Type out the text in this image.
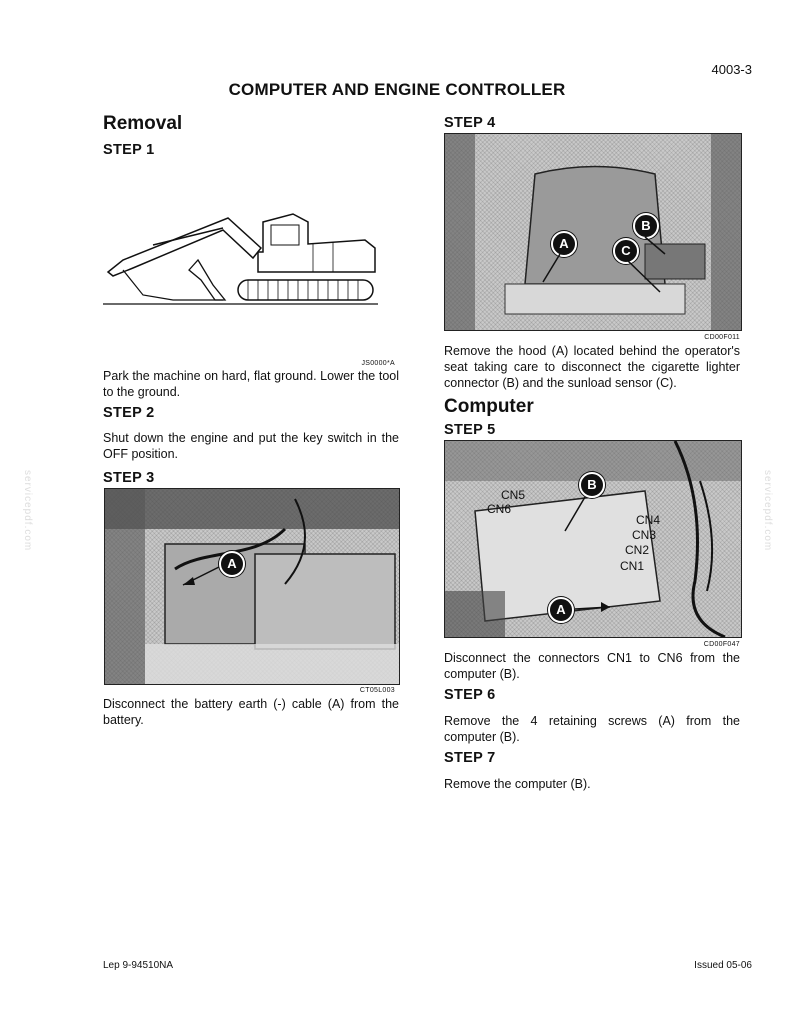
4003-3
COMPUTER AND ENGINE CONTROLLER
Removal
STEP 1
JS0000*A
Park the machine on hard, flat ground. Lower the tool to the ground.
STEP 2
Shut down the engine and put the key switch in the OFF position.
STEP 3
A
CT05L003
Disconnect the battery earth (-) cable (A) from the battery.
STEP 4
A
B
C
CD00F011
Remove the hood (A) located behind the operator's seat taking care to disconnect the cigarette lighter connector (B) and the sunload sensor (C).
Computer
STEP 5
CN5
CN6
CN4
CN3
CN2
CN1
B
A
CD00F047
Disconnect the connectors CN1 to CN6 from the computer (B).
STEP 6
Remove the 4 retaining screws (A) from the computer (B).
STEP 7
Remove the computer (B).
Lep 9-94510NA	Issued 05-06
servicepdf.com	servicepdf.com
